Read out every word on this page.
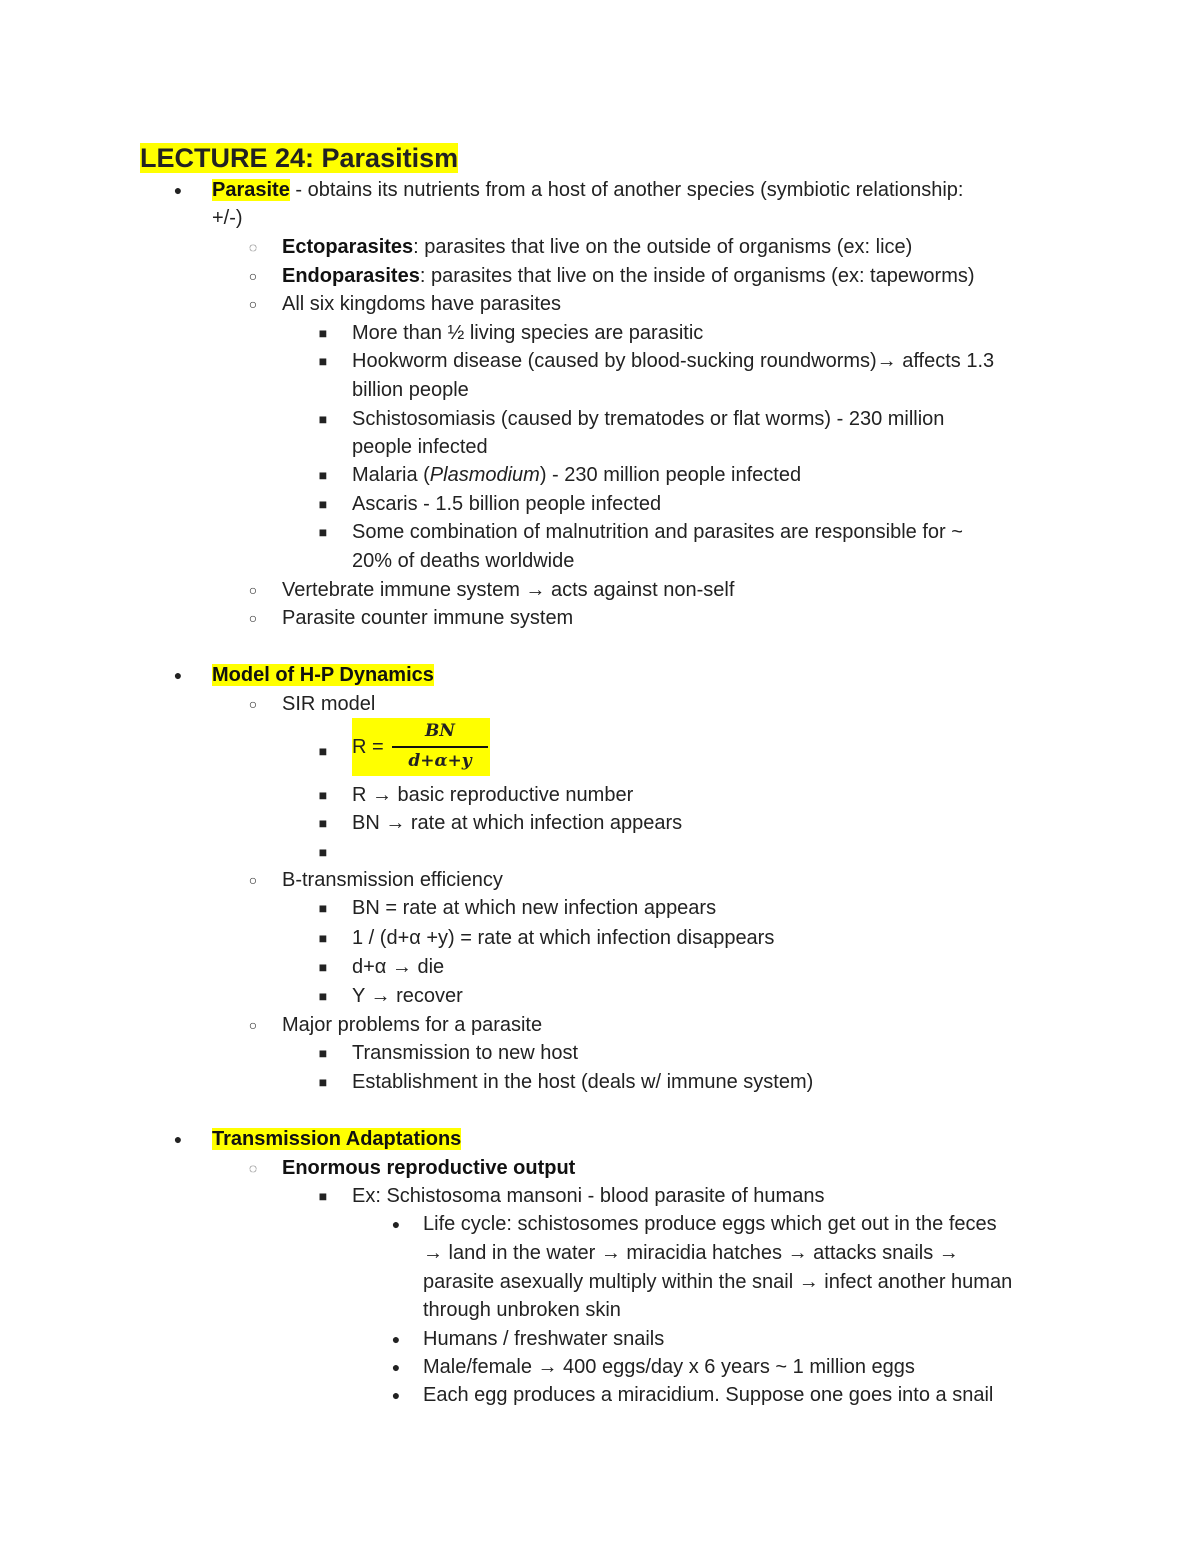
LECTURE 24: Parasitism
● Parasite - obtains its nutrients from a host of another species (symbiotic relationship:

+/-)

◌ Ectoparasites: parasites that live on the outside of organisms (ex: lice)

○ Endoparasites: parasites that live on the inside of organisms (ex: tapeworms)

○ All six kingdoms have parasites

■ More than ½ living species are parasitic

■ Hookworm disease (caused by blood-sucking roundworms)→ affects 1.3

billion people

■ Schistosomiasis (caused by trematodes or flat worms) - 230 million

people infected

■ Malaria (Plasmodium) - 230 million people infected

■ Ascaris - 1.5 billion people infected

■ Some combination of malnutrition and parasites are responsible for ~

20% of deaths worldwide

○ Vertebrate immune system → acts against non-self

○ Parasite counter immune system

● Model of H-P Dynamics

○ SIR model

■ R =
BN
d+α+y
■ R → basic reproductive number

■ BN → rate at which infection appears

■
○ B-transmission efficiency

■ BN = rate at which new infection appears

■ 1 / (d+α +y) = rate at which infection disappears

■ d+α → die

■ Y → recover

○ Major problems for a parasite

■ Transmission to new host

■ Establishment in the host (deals w/ immune system)

● Transmission Adaptations

◌ Enormous reproductive output

■ Ex: Schistosoma mansoni - blood parasite of humans

● Life cycle: schistosomes produce eggs which get out in the feces

→ land in the water → miracidia hatches → attacks snails →

parasite asexually multiply within the snail → infect another human

through unbroken skin

● Humans / freshwater snails

● Male/female → 400 eggs/day x 6 years ~ 1 million eggs

● Each egg produces a miracidium. Suppose one goes into a snail
